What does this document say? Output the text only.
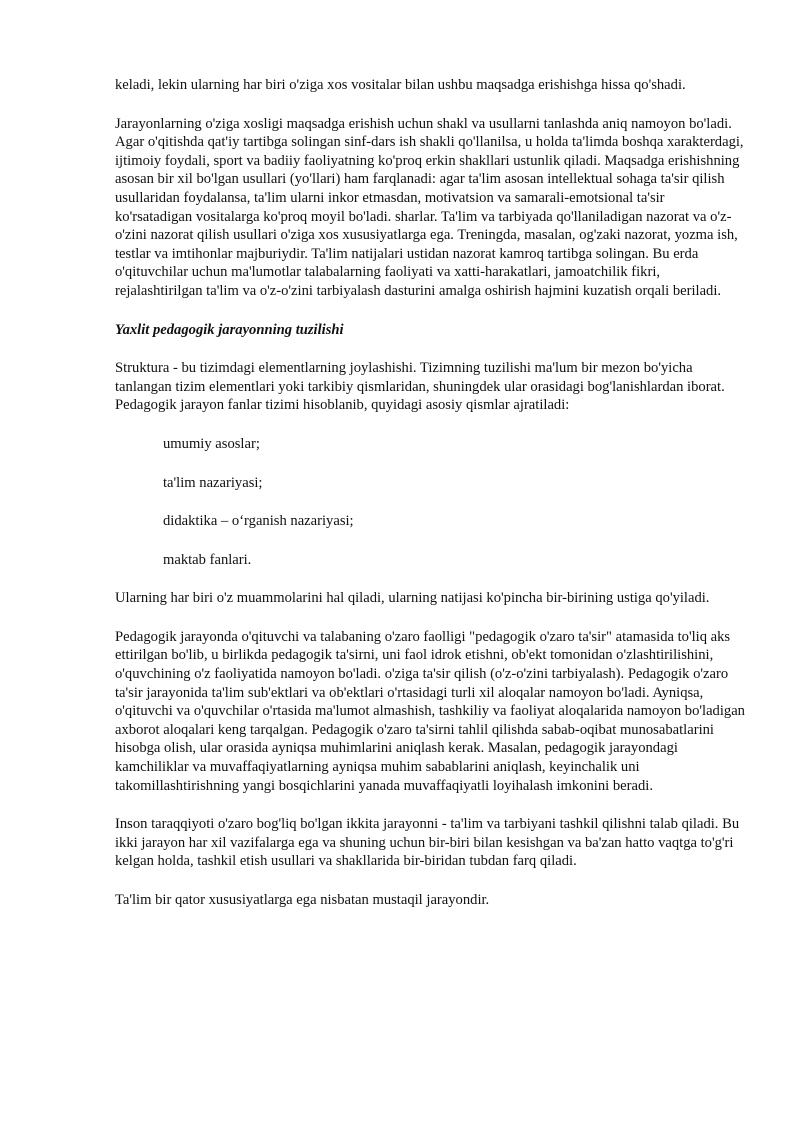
keladi, lekin ularning har biri o'ziga xos vositalar bilan ushbu maqsadga erishishga hissa qo'shadi.

Jarayonlarning o'ziga xosligi maqsadga erishish uchun shakl va usullarni tanlashda aniq namoyon bo'ladi. Agar o'qitishda qat'iy tartibga solingan sinf-dars ish shakli qo'llanilsa, u holda ta'limda boshqa xarakterdagi, ijtimoiy foydali, sport va badiiy faoliyatning ko'proq erkin shakllari ustunlik qiladi. Maqsadga erishishning asosan bir xil bo'lgan usullari (yo'llari) ham farqlanadi: agar ta'lim asosan intellektual sohaga ta'sir qilish usullaridan foydalansa, ta'lim ularni inkor etmasdan, motivatsion va samarali-emotsional ta'sir ko'rsatadigan vositalarga ko'proq moyil bo'ladi. sharlar. Ta'lim va tarbiyada qo'llaniladigan nazorat va o'z-o'zini nazorat qilish usullari o'ziga xos xususiyatlarga ega. Treningda, masalan, og'zaki nazorat, yozma ish, testlar va imtihonlar majburiydir. Ta'lim natijalari ustidan nazorat kamroq tartibga solingan. Bu erda o'qituvchilar uchun ma'lumotlar talabalarning faoliyati va xatti-harakatlari, jamoatchilik fikri, rejalashtirilgan ta'lim va o'z-o'zini tarbiyalash dasturini amalga oshirish hajmini kuzatish orqali beriladi.

Yaxlit pedagogik jarayonning tuzilishi

Struktura - bu tizimdagi elementlarning joylashishi. Tizimning tuzilishi ma'lum bir mezon bo'yicha tanlangan tizim elementlari yoki tarkibiy qismlaridan, shuningdek ular orasidagi bog'lanishlardan iborat. Pedagogik jarayon fanlar tizimi hisoblanib, quyidagi asosiy qismlar ajratiladi:

umumiy asoslar;

ta'lim nazariyasi;

didaktika – o‘rganish nazariyasi;

maktab fanlari.

Ularning har biri o'z muammolarini hal qiladi, ularning natijasi ko'pincha bir-birining ustiga qo'yiladi.

Pedagogik jarayonda o'qituvchi va talabaning o'zaro faolligi "pedagogik o'zaro ta'sir" atamasida to'liq aks ettirilgan bo'lib, u birlikda pedagogik ta'sirni, uni faol idrok etishni, ob'ekt tomonidan o'zlashtirilishini, o'quvchining o'z faoliyatida namoyon bo'ladi. o'ziga ta'sir qilish (o'z-o'zini tarbiyalash). Pedagogik o'zaro ta'sir jarayonida ta'lim sub'ektlari va ob'ektlari o'rtasidagi turli xil aloqalar namoyon bo'ladi. Ayniqsa, o'qituvchi va o'quvchilar o'rtasida ma'lumot almashish, tashkiliy va faoliyat aloqalarida namoyon bo'ladigan axborot aloqalari keng tarqalgan. Pedagogik o'zaro ta'sirni tahlil qilishda sabab-oqibat munosabatlarini hisobga olish, ular orasida ayniqsa muhimlarini aniqlash kerak. Masalan, pedagogik jarayondagi kamchiliklar va muvaffaqiyatlarning ayniqsa muhim sabablarini aniqlash, keyinchalik uni takomillashtirishning yangi bosqichlarini yanada muvaffaqiyatli loyihalash imkonini beradi.

Inson taraqqiyoti o'zaro bog'liq bo'lgan ikkita jarayonni - ta'lim va tarbiyani tashkil qilishni talab qiladi. Bu ikki jarayon har xil vazifalarga ega va shuning uchun bir-biri bilan kesishgan va ba'zan hatto vaqtga to'g'ri kelgan holda, tashkil etish usullari va shakllarida bir-biridan tubdan farq qiladi.

Ta'lim bir qator xususiyatlarga ega nisbatan mustaqil jarayondir.
